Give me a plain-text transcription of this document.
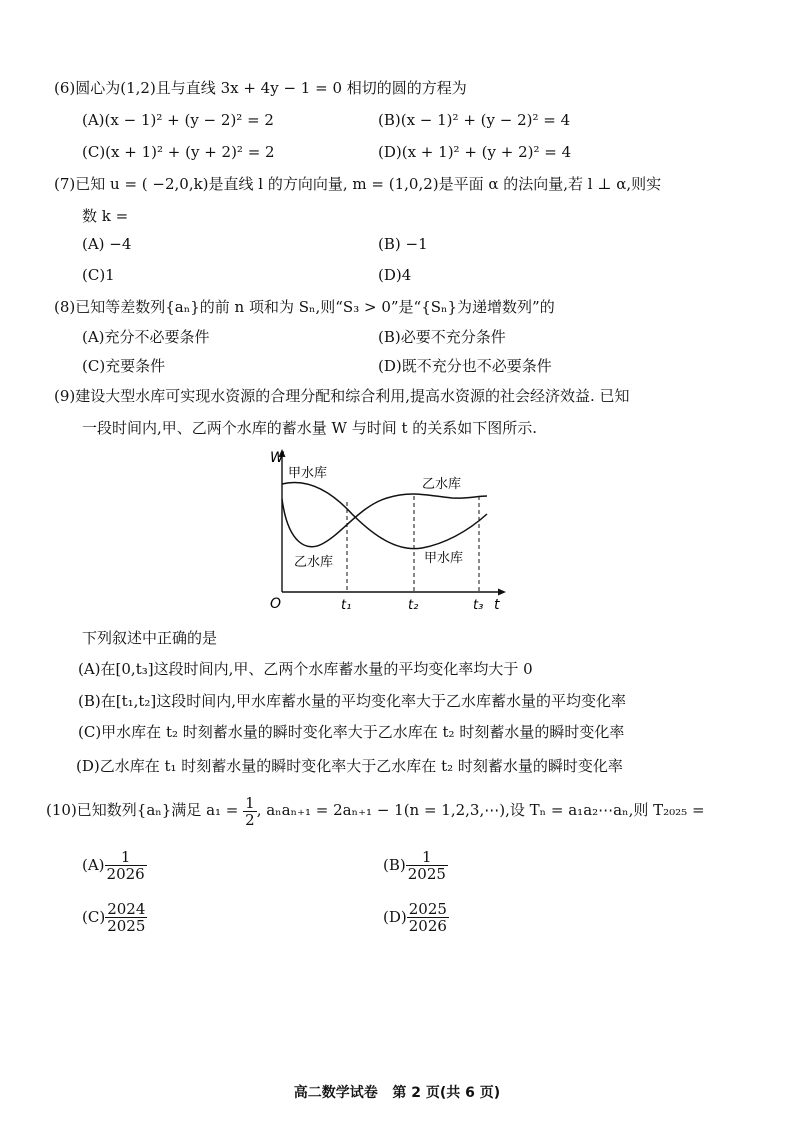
(6)圆心为(1,2)且与直线 3x + 4y − 1 = 0 相切的圆的方程为
(A)(x − 1)² + (y − 2)² = 2	(B)(x − 1)² + (y − 2)² = 4
(C)(x + 1)² + (y + 2)² = 2	(D)(x + 1)² + (y + 2)² = 4
(7)已知 u = ( −2,0,k)是直线 l 的方向向量, m = (1,0,2)是平面 α 的法向量,若 l ⊥ α,则实
数 k =
(A) −4	(B) −1
(C)1	(D)4
(8)已知等差数列{aₙ}的前 n 项和为 Sₙ,则“S₃ > 0”是“{Sₙ}为递增数列”的
(A)充分不必要条件	(B)必要不充分条件
(C)充要条件	(D)既不充分也不必要条件
(9)建设大型水库可实现水资源的合理分配和综合利用,提高水资源的社会经济效益. 已知
一段时间内,甲、乙两个水库的蓄水量 W 与时间 t 的关系如下图所示.
W
t
O
甲水库
乙水库
乙水库	甲水库
t₁	t₂	t₃
下列叙述中正确的是
(A)在[0,t₃]这段时间内,甲、乙两个水库蓄水量的平均变化率均大于 0
(B)在[t₁,t₂]这段时间内,甲水库蓄水量的平均变化率大于乙水库蓄水量的平均变化率
(C)甲水库在 t₂ 时刻蓄水量的瞬时变化率大于乙水库在 t₂ 时刻蓄水量的瞬时变化率
(D)乙水库在 t₁ 时刻蓄水量的瞬时变化率大于乙水库在 t₂ 时刻蓄水量的瞬时变化率
(10)已知数列{aₙ}满足 $a_1 = \frac{1}{2}$ , aₙaₙ₊₁ = 2aₙ₊₁ − 1(n = 1,2,3,⋯),设 Tₙ = a₁a₂⋯aₙ,则 T₂₀₂₅ =
$(A) \frac{1}{2026}$	$(B) \frac{1}{2025}$
$(C) \frac{2024}{2025}$	$(D) \frac{2025}{2026}$
高二数学试卷   第 2 页(共 6 页)
